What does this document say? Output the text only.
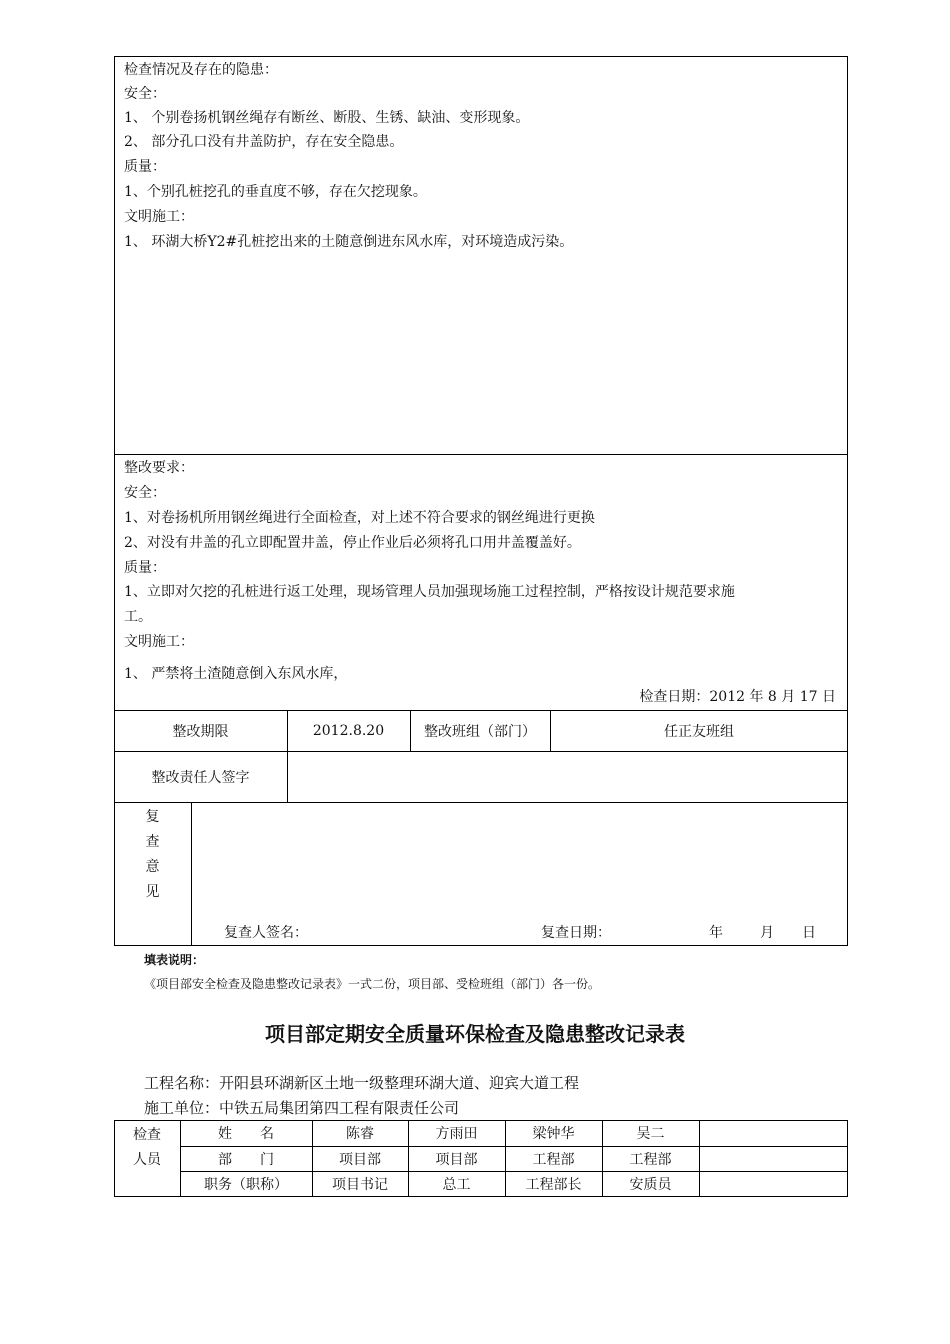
检查情况及存在的隐患：
安全：
1、 个别卷扬机钢丝绳存有断丝、断股、生锈、缺油、变形现象。
2、 部分孔口没有井盖防护，存在安全隐患。
质量：
1、个别孔桩挖孔的垂直度不够，存在欠挖现象。
文明施工：
1、 环湖大桥Y2#孔桩挖出来的土随意倒进东风水库，对环境造成污染。
整改要求：
安全：
1、对卷扬机所用钢丝绳进行全面检查，对上述不符合要求的钢丝绳进行更换
2、对没有井盖的孔立即配置井盖，停止作业后必须将孔口用井盖覆盖好。
质量：
1、立即对欠挖的孔桩进行返工处理，现场管理人员加强现场施工过程控制，严格按设计规范要求施
工。
文明施工：
1、 严禁将土渣随意倒入东风水库，
检查日期：2012 年 8 月 17 日
整改期限	2012.8.20	整改班组（部门）	任正友班组
整改责任人签字
复
查
意
见
复查人签名：	复查日期：	年	月 日
填表说明：
《项目部安全检查及隐患整改记录表》一式二份，项目部、受检班组（部门）各一份。
项目部定期安全质量环保检查及隐患整改记录表
工程名称：开阳县环湖新区土地一级整理环湖大道、迎宾大道工程
施工单位：中铁五局集团第四工程有限责任公司
检查
人员
姓　　名	陈睿	方雨田	梁钟华	吴二
部　　门	项目部	项目部	工程部	工程部
职务（职称）	项目书记	总工	工程部长	安质员
